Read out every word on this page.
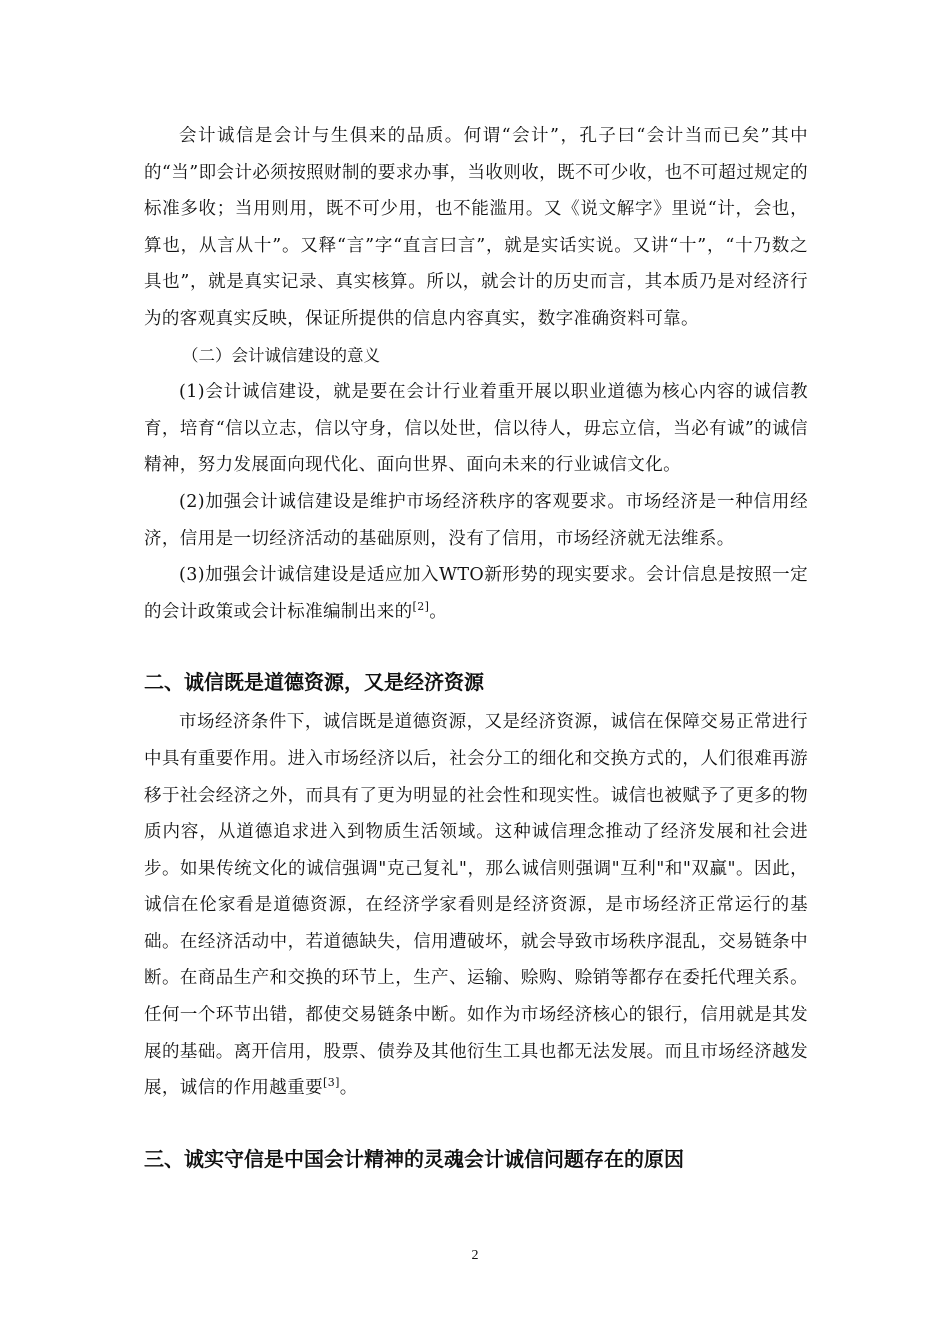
会计诚信是会计与生俱来的品质。何谓“会计”，孔子曰“会计当而已矣”其中的“当”即会计必须按照财制的要求办事，当收则收，既不可少收，也不可超过规定的标准多收；当用则用，既不可少用，也不能滥用。又《说文解字》里说“计，会也，算也，从言从十”。又释“言”字“直言曰言”，就是实话实说。又讲“十”，“十乃数之具也”，就是真实记录、真实核算。所以，就会计的历史而言，其本质乃是对经济行为的客观真实反映，保证所提供的信息内容真实，数字准确资料可靠。

（二）会计诚信建设的意义

(1)会计诚信建设，就是要在会计行业着重开展以职业道德为核心内容的诚信教育，培育“信以立志，信以守身，信以处世，信以待人，毋忘立信，当必有诚”的诚信精神，努力发展面向现代化、面向世界、面向未来的行业诚信文化。

(2)加强会计诚信建设是维护市场经济秩序的客观要求。市场经济是一种信用经济，信用是一切经济活动的基础原则，没有了信用，市场经济就无法维系。

(3)加强会计诚信建设是适应加入WTO新形势的现实要求。会计信息是按照一定的会计政策或会计标准编制出来的[2]。

二、诚信既是道德资源，又是经济资源

市场经济条件下，诚信既是道德资源，又是经济资源，诚信在保障交易正常进行中具有重要作用。进入市场经济以后，社会分工的细化和交换方式的，人们很难再游移于社会经济之外，而具有了更为明显的社会性和现实性。诚信也被赋予了更多的物质内容，从道德追求进入到物质生活领域。这种诚信理念推动了经济发展和社会进步。如果传统文化的诚信强调"克己复礼"，那么诚信则强调"互利"和"双赢"。因此，诚信在伦家看是道德资源，在经济学家看则是经济资源，是市场经济正常运行的基础。在经济活动中，若道德缺失，信用遭破坏，就会导致市场秩序混乱，交易链条中断。在商品生产和交换的环节上，生产、运输、赊购、赊销等都存在委托代理关系。任何一个环节出错，都使交易链条中断。如作为市场经济核心的银行，信用就是其发展的基础。离开信用，股票、债券及其他衍生工具也都无法发展。而且市场经济越发展，诚信的作用越重要[3]。

三、诚实守信是中国会计精神的灵魂会计诚信问题存在的原因
2
